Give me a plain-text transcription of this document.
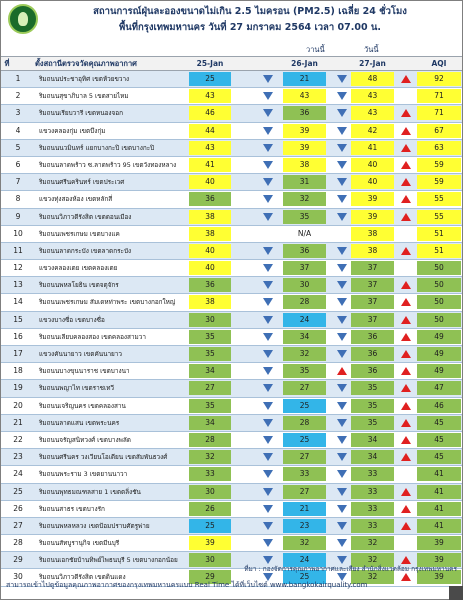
สถานการณ์ฝุ่นละอองขนาดไม่เกิน 2.5 ไมครอน (PM2.5) เฉลี่ย 24 ชั่วโมง
พื้นที่กรุงเทพมหานคร วันที่ 27 มกราคม 2564 เวลา 07.00 น.
วานนี้	วันนี้
ที่	ตั้งสถานีตรวจวัดคุณภาพอากาศ	25-Jan	26-Jan	27-Jan	AQI
1	ริมถนนประชาอุทิศ เขตห้วยขวาง	25	21	48	92
2	ริมถนนสุขาภิบาล 5 เขตสายไหม	43	43	43	71
3	ริมถนนเรียบวารี เขตหนองจอก	46	36	43	71
4	แขวงคลองกุ่ม เขตบึงกุ่ม	44	39	42	67
5	ริมถนนนวมินทร์ แยกบางกะปิ เขตบางกะปิ	43	39	41	63
6	ริมถนนลาดพร้าว ซ.ลาดพร้าว 95 เขตวังทองหลาง	41	38	40	59
7	ริมถนนศรีนครินทร์ เขตประเวศ	40	31	40	59
8	แขวงทุ่งสองห้อง เขตหลักสี่	36	32	39	55
9	ริมถนนวิภาวดีรังสิต เขตดอนเมือง	38	35	39	55
10	ริมถนนเพชรเกษม เขตบางแค	38	N/A	38	51
11	ริมถนนลาดกระบัง เขตลาดกระบัง	40	36	38	51
12	แขวงคลองเตย เขตคลองเตย	40	37	37	50
13	ริมถนนพหลโยธิน เขตจตุจักร	36	30	37	50
14	ริมถนนเพชรเกษม สัมเดหท่าพระ เขตบางกอกใหญ่	38	28	37	50
15	แขวงบางซื่อ เขตบางซื่อ	30	24	37	50
16	ริมถนนเลียบคลองสอง เขตคลองสามวา	35	34	36	49
17	แขวงคันนายาว เขตคันนายาว	35	32	36	49
18	ริมถนนบางขุนนาราช เขตบางนา	34	35	36	49
19	ริมถนนพญาไท เขตราชเทวี	27	27	35	47
20	ริมถนนเจริญนคร เขตคลองสาน	35	25	35	46
21	ริมถนนลาดแสน เขตพระนคร	34	28	35	45
22	ริมถนนจรัญสนิทวงศ์ เขตบางพลัด	28	25	34	45
23	ริมถนนศรีนคร วงเวียนโอเดียน เขตสัมพันธวงศ์	32	27	34	45
24	ริมถนนพระราม 3 เขตยานนาวา	33	33	33	41
25	ริมถนนพุทธมณฑลสาย 1 เขตตลิ่งชัน	30	27	33	41
26	ริมถนนสาธร เขตบางรัก	26	21	33	41
27	ริมถนนพหลหลวง เขตป้อมปราบศัตรูพ่าย	25	23	33	41
28	ริมถนนสัทบูรานุกิจ เขตมีนบุรี	39	32	32	39
29	ริมถนนเอกชัยบ้านทิพย์ไพธนบุรี 5 เขตบางกอกน้อย	30	24	32	39
30	ริมถนนวิภาวดีรังสิต เขตดินแดง	29	25	32	39
ที่มา : กองจัดการคุณภาพอากาศและเสียง สำนักสิ่งแวดล้อม กรุงเทพมหานคร
สามารถเข้าไปดูข้อมูลคุณภาพอากาศของกรุงเทพมหานครแบบ Real Time ได้ที่เว็บไซต์ www.bangkokairquality.com
